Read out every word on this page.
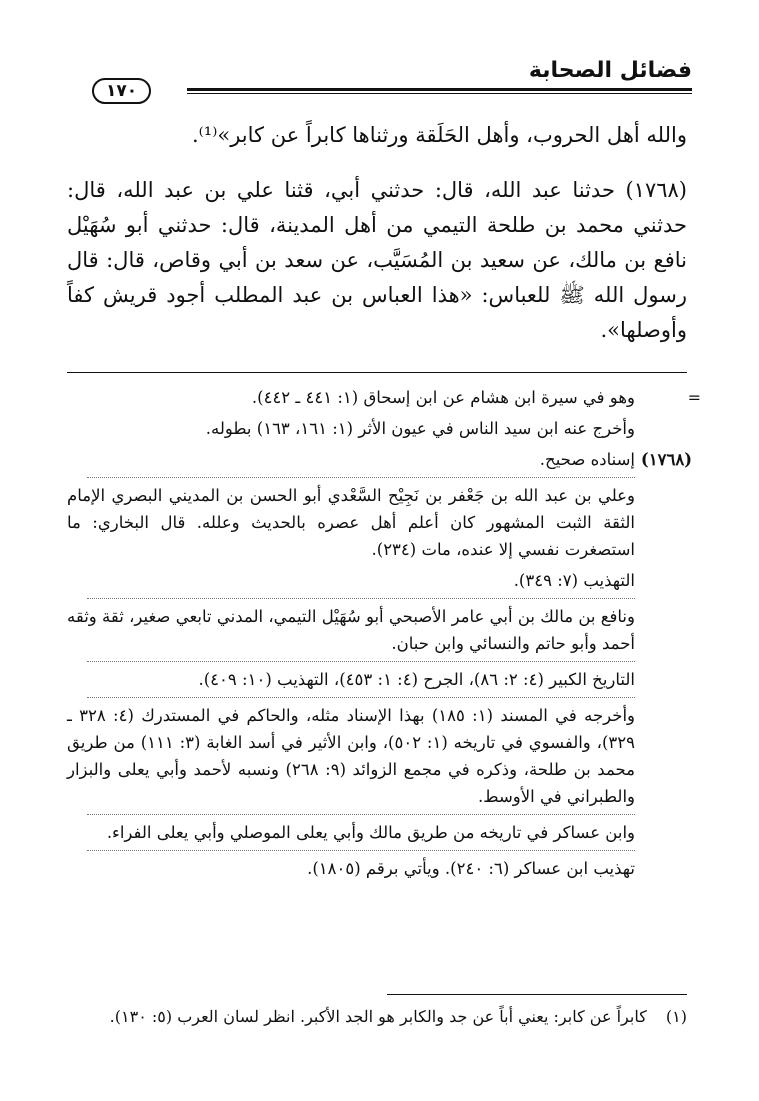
فضائل الصحابة
١٧٠

والله أهل الحروب، وأهل الحَلَقة ورثناها كابراً عن كابر»⁽¹⁾.

(١٧٦٨) حدثنا عبد الله، قال: حدثني أبي، قثنا علي بن عبد الله، قال: حدثني محمد بن طلحة التيمي من أهل المدينة، قال: حدثني أبو سُهَيْل نافع بن مالك، عن سعيد بن المُسَيَّب، عن سعد بن أبي وقاص، قال: قال رسول الله ﷺ للعباس: «هذا العباس بن عبد المطلب أجود قريش كفاً وأوصلها».

=
وهو في سيرة ابن هشام عن ابن إسحاق (١: ٤٤١ ـ ٤٤٢).

وأخرج عنه ابن سيد الناس في عيون الأثر (١: ١٦١، ١٦٣) بطوله.

(١٧٦٨)
إسناده صحيح.

وعلي بن عبد الله بن جَعْفر بن نَجِيْح السَّعْدي أبو الحسن بن المديني البصري الإمام الثقة الثبت المشهور كان أعلم أهل عصره بالحديث وعلله. قال البخاري: ما استصغرت نفسي إلا عنده، مات (٢٣٤).

التهذيب (٧: ٣٤٩).

ونافع بن مالك بن أبي عامر الأصبحي أبو سُهَيْل التيمي، المدني تابعي صغير، ثقة وثقه أحمد وأبو حاتم والنسائي وابن حبان.

التاريخ الكبير (٤: ٢: ٨٦)، الجرح (٤: ١: ٤٥٣)، التهذيب (١٠: ٤٠٩).

وأخرجه في المسند (١: ١٨٥) بهذا الإسناد مثله، والحاكم في المستدرك (٤: ٣٢٨ ـ ٣٢٩)، والفسوي في تاريخه (١: ٥٠٢)، وابن الأثير في أسد الغابة (٣: ١١١) من طريق محمد بن طلحة، وذكره في مجمع الزوائد (٩: ٢٦٨) ونسبه لأحمد وأبي يعلى والبزار والطبراني في الأوسط.

وابن عساكر في تاريخه من طريق مالك وأبي يعلى الموصلي وأبي يعلى الفراء.

تهذيب ابن عساكر (٦: ٢٤٠). ويأتي برقم (١٨٠٥).

(١) كابراً عن كابر: يعني أباً عن جد والكابر هو الجد الأكبر. انظر لسان العرب (٥: ١٣٠).
